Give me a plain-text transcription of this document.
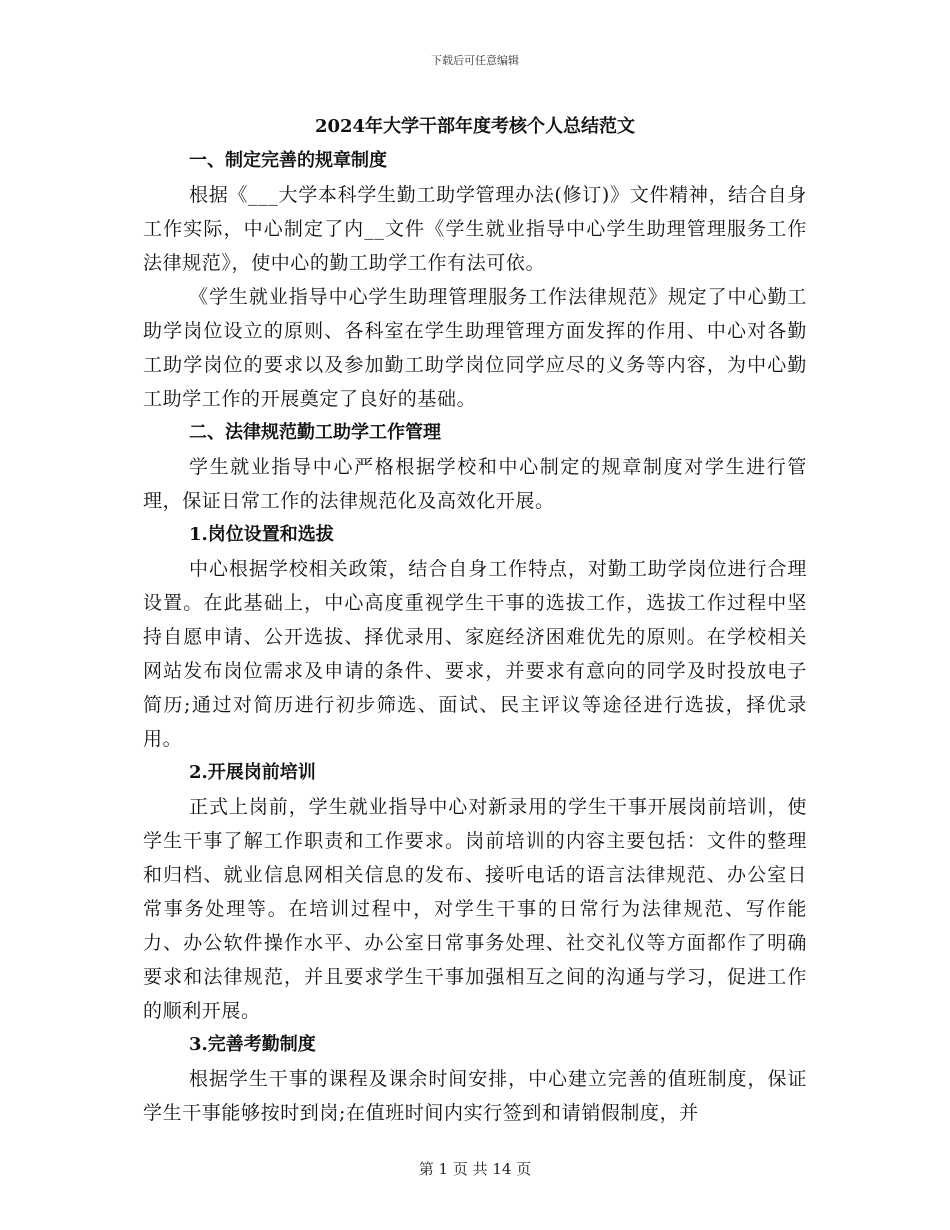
下载后可任意编辑
2024年大学干部年度考核个人总结范文
一、制定完善的规章制度

根据《___大学本科学生勤工助学管理办法(修订)》文件精神，结合自身工作实际，中心制定了内__文件《学生就业指导中心学生助理管理服务工作法律规范》，使中心的勤工助学工作有法可依。

《学生就业指导中心学生助理管理服务工作法律规范》规定了中心勤工助学岗位设立的原则、各科室在学生助理管理方面发挥的作用、中心对各勤工助学岗位的要求以及参加勤工助学岗位同学应尽的义务等内容，为中心勤工助学工作的开展奠定了良好的基础。

二、法律规范勤工助学工作管理

学生就业指导中心严格根据学校和中心制定的规章制度对学生进行管理，保证日常工作的法律规范化及高效化开展。

1.岗位设置和选拔

中心根据学校相关政策，结合自身工作特点，对勤工助学岗位进行合理设置。在此基础上，中心高度重视学生干事的选拔工作，选拔工作过程中坚持自愿申请、公开选拔、择优录用、家庭经济困难优先的原则。在学校相关网站发布岗位需求及申请的条件、要求，并要求有意向的同学及时投放电子简历;通过对简历进行初步筛选、面试、民主评议等途径进行选拔，择优录用。

2.开展岗前培训

正式上岗前，学生就业指导中心对新录用的学生干事开展岗前培训，使学生干事了解工作职责和工作要求。岗前培训的内容主要包括：文件的整理和归档、就业信息网相关信息的发布、接听电话的语言法律规范、办公室日常事务处理等。在培训过程中，对学生干事的日常行为法律规范、写作能力、办公软件操作水平、办公室日常事务处理、社交礼仪等方面都作了明确要求和法律规范，并且要求学生干事加强相互之间的沟通与学习，促进工作的顺利开展。

3.完善考勤制度

根据学生干事的课程及课余时间安排，中心建立完善的值班制度，保证学生干事能够按时到岗;在值班时间内实行签到和请销假制度，并

第 1 页 共 14 页
